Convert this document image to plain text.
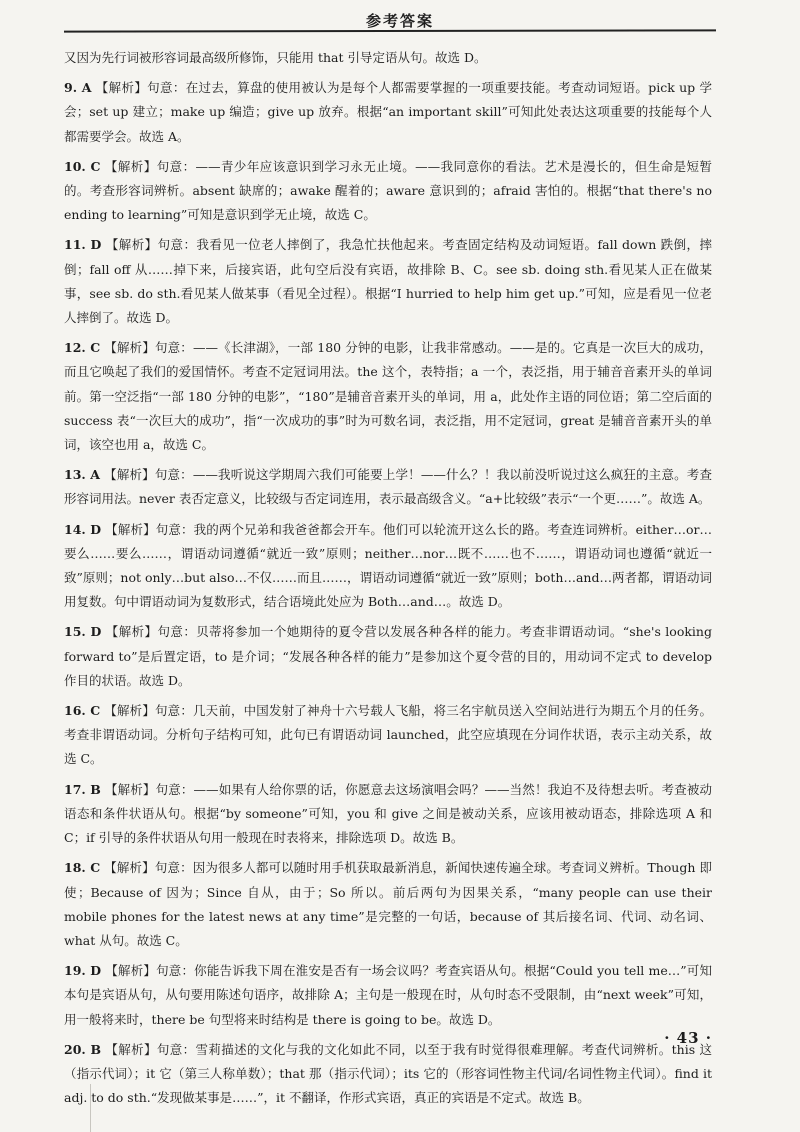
参考答案

又因为先行词被形容词最高级所修饰，只能用 that 引导定语从句。故选 D。

9. A 【解析】句意：在过去，算盘的使用被认为是每个人都需要掌握的一项重要技能。考查动词短语。pick up 学会；set up 建立；make up 编造；give up 放弃。根据“an important skill”可知此处表达这项重要的技能每个人都需要学会。故选 A。

10. C 【解析】句意：——青少年应该意识到学习永无止境。——我同意你的看法。艺术是漫长的，但生命是短暂的。考查形容词辨析。absent 缺席的；awake 醒着的；aware 意识到的；afraid 害怕的。根据“that there's no ending to learning”可知是意识到学无止境，故选 C。

11. D 【解析】句意：我看见一位老人摔倒了，我急忙扶他起来。考查固定结构及动词短语。fall down 跌倒，摔倒；fall off 从……掉下来，后接宾语，此句空后没有宾语，故排除 B、C。see sb. doing sth.看见某人正在做某事，see sb. do sth.看见某人做某事（看见全过程）。根据“I hurried to help him get up.”可知，应是看见一位老人摔倒了。故选 D。

12. C 【解析】句意：——《长津湖》，一部 180 分钟的电影，让我非常感动。——是的。它真是一次巨大的成功，而且它唤起了我们的爱国情怀。考查不定冠词用法。the 这个，表特指；a 一个，表泛指，用于辅音音素开头的单词前。第一空泛指“一部 180 分钟的电影”，“180”是辅音音素开头的单词，用 a，此处作主语的同位语；第二空后面的 success 表“一次巨大的成功”，指“一次成功的事”时为可数名词，表泛指，用不定冠词，great 是辅音音素开头的单词，该空也用 a，故选 C。

13. A 【解析】句意：——我听说这学期周六我们可能要上学！——什么？！我以前没听说过这么疯狂的主意。考查形容词用法。never 表否定意义，比较级与否定词连用，表示最高级含义。“a+比较级”表示“一个更……”。故选 A。

14. D 【解析】句意：我的两个兄弟和我爸爸都会开车。他们可以轮流开这么长的路。考查连词辨析。either…or…要么……要么……，谓语动词遵循“就近一致”原则；neither…nor…既不……也不……，谓语动词也遵循“就近一致”原则；not only…but also…不仅……而且……，谓语动词遵循“就近一致”原则；both…and…两者都，谓语动词用复数。句中谓语动词为复数形式，结合语境此处应为 Both…and…。故选 D。

15. D 【解析】句意：贝蒂将参加一个她期待的夏令营以发展各种各样的能力。考查非谓语动词。“she's looking forward to”是后置定语，to 是介词；“发展各种各样的能力”是参加这个夏令营的目的，用动词不定式 to develop 作目的状语。故选 D。

16. C 【解析】句意：几天前，中国发射了神舟十六号载人飞船，将三名宇航员送入空间站进行为期五个月的任务。考查非谓语动词。分析句子结构可知，此句已有谓语动词 launched，此空应填现在分词作状语，表示主动关系，故选 C。

17. B 【解析】句意：——如果有人给你票的话，你愿意去这场演唱会吗？——当然！我迫不及待想去听。考查被动语态和条件状语从句。根据“by someone”可知，you 和 give 之间是被动关系，应该用被动语态，排除选项 A 和 C；if 引导的条件状语从句用一般现在时表将来，排除选项 D。故选 B。

18. C 【解析】句意：因为很多人都可以随时用手机获取最新消息，新闻快速传遍全球。考查词义辨析。Though 即使；Because of 因为；Since 自从，由于；So 所以。前后两句为因果关系，“many people can use their mobile phones for the latest news at any time”是完整的一句话，because of 其后接名词、代词、动名词、what 从句。故选 C。

19. D 【解析】句意：你能告诉我下周在淮安是否有一场会议吗？考查宾语从句。根据“Could you tell me…”可知本句是宾语从句，从句要用陈述句语序，故排除 A；主句是一般现在时，从句时态不受限制，由“next week”可知，用一般将来时，there be 句型将来时结构是 there is going to be。故选 D。

20. B 【解析】句意：雪莉描述的文化与我的文化如此不同，以至于我有时觉得很难理解。考查代词辨析。this 这（指示代词）；it 它（第三人称单数）；that 那（指示代词）；its 它的（形容词性物主代词/名词性物主代词）。find it adj. to do sth.“发现做某事是……”，it 不翻译，作形式宾语，真正的宾语是不定式。故选 B。

· 43 ·
